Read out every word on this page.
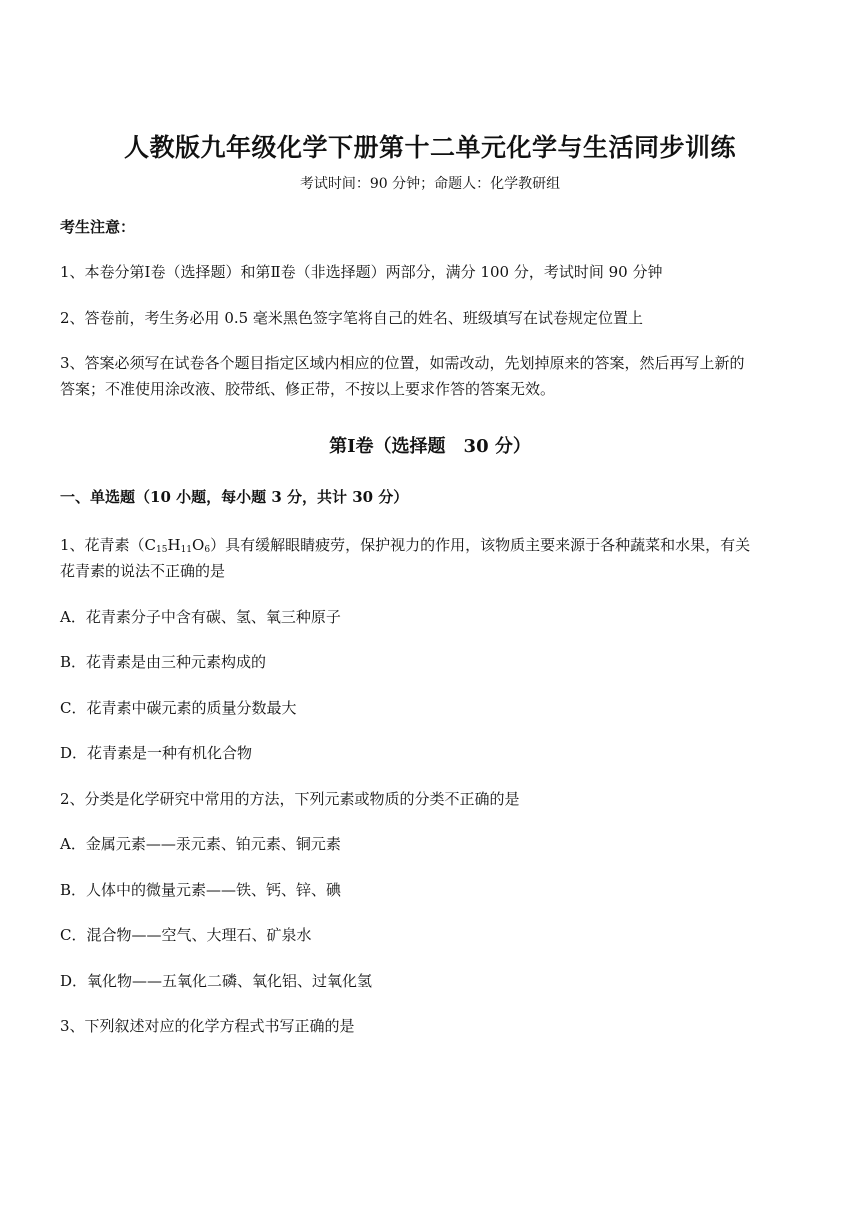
人教版九年级化学下册第十二单元化学与生活同步训练
考试时间：90 分钟；命题人：化学教研组
考生注意：
1、本卷分第Ⅰ卷（选择题）和第Ⅱ卷（非选择题）两部分，满分 100 分，考试时间 90 分钟
2、答卷前，考生务必用 0.5 毫米黑色签字笔将自己的姓名、班级填写在试卷规定位置上
3、答案必须写在试卷各个题目指定区域内相应的位置，如需改动，先划掉原来的答案，然后再写上新的
答案；不准使用涂改液、胶带纸、修正带，不按以上要求作答的答案无效。
第Ⅰ卷（选择题　30 分）
一、单选题（10 小题，每小题 3 分，共计 30 分）
1、花青素$(C_{15}H_{11}O_6)$具有缓解眼睛疲劳，保护视力的作用，该物质主要来源于各种蔬菜和水果，有关
花青素的说法不正确的是
A．花青素分子中含有碳、氢、氧三种原子
B．花青素是由三种元素构成的
C．花青素中碳元素的质量分数最大
D．花青素是一种有机化合物
2、分类是化学研究中常用的方法，下列元素或物质的分类不正确的是
A．金属元素——汞元素、铂元素、铜元素
B．人体中的微量元素——铁、钙、锌、碘
C．混合物——空气、大理石、矿泉水
D．氧化物——五氧化二磷、氧化铝、过氧化氢
3、下列叙述对应的化学方程式书写正确的是
